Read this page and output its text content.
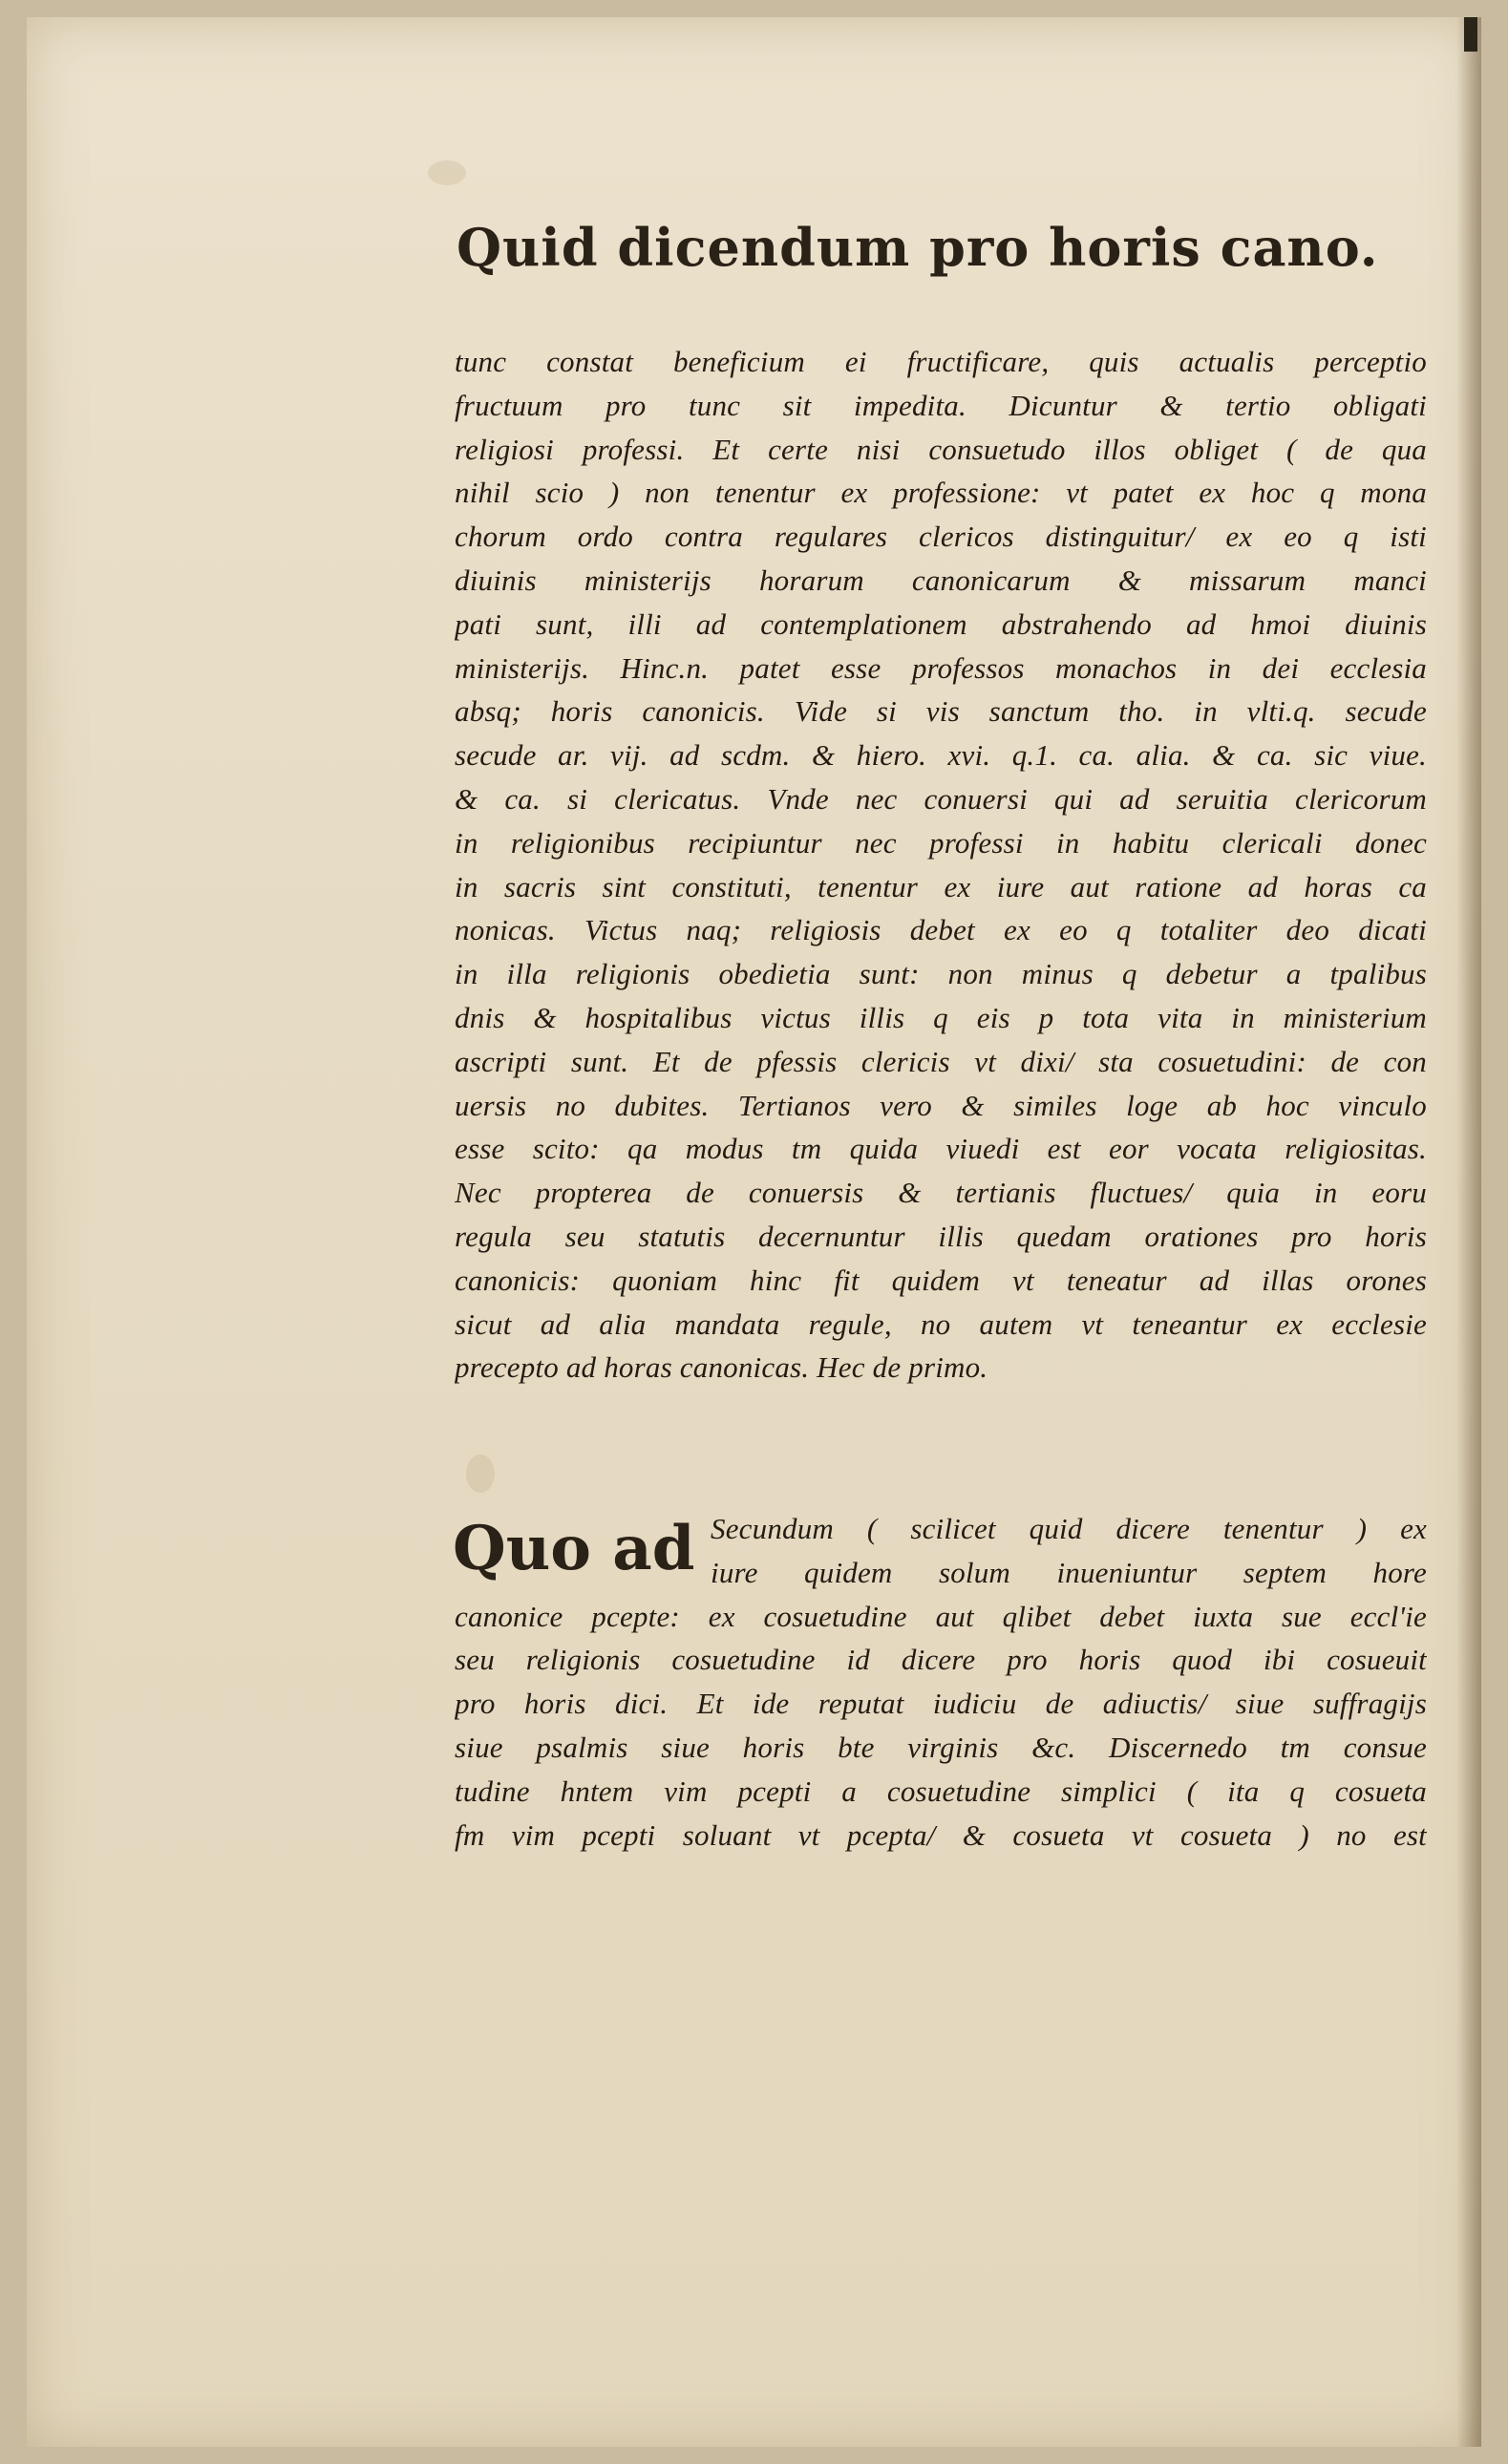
Quid dicendum pro horis cano.
tunc constat beneficium ei fructificare, quis actualis perceptio
fructuum pro tunc sit impedita. Dicuntur & tertio obligati
religiosi professi. Et certe nisi consuetudo illos obliget ( de qua
nihil scio ) non tenentur ex professione: vt patet ex hoc q mona
chorum ordo contra regulares clericos distinguitur/ ex eo q isti
diuinis ministerijs horarum canonicarum & missarum manci
pati sunt, illi ad contemplationem abstrahendo ad hmoi diuinis
ministerijs. Hinc.n. patet esse professos monachos in dei ecclesia
absq; horis canonicis. Vide si vis sanctum tho. in vlti.q. secude
secude ar. vij. ad scdm. & hiero. xvi. q.1. ca. alia. & ca. sic viue.
& ca. si clericatus. Vnde nec conuersi qui ad seruitia clericorum
in religionibus recipiuntur nec professi in habitu clericali donec
in sacris sint constituti, tenentur ex iure aut ratione ad horas ca
nonicas. Victus naq; religiosis debet ex eo q totaliter deo dicati
in illa religionis obedietia sunt: non minus q debetur a tpalibus
dnis & hospitalibus victus illis q eis p tota vita in ministerium
ascripti sunt. Et de pfessis clericis vt dixi/ sta cosuetudini: de con
uersis no dubites. Tertianos vero & similes loge ab hoc vinculo
esse scito: qa modus tm quida viuedi est eor vocata religiositas.
Nec propterea de conuersis & tertianis fluctues/ quia in eoru
regula seu statutis decernuntur illis quedam orationes pro horis
canonicis: quoniam hinc fit quidem vt teneatur ad illas orones
sicut ad alia mandata regule, no autem vt teneantur ex ecclesie
precepto ad horas canonicas. Hec de primo.
Quo ad Secundum ( scilicet quid dicere tenentur ) ex
iure quidem solum inueniuntur septem hore
canonice pcepte: ex cosuetudine aut qlibet debet iuxta sue eccl'ie
seu religionis cosuetudine id dicere pro horis quod ibi cosueuit
pro horis dici. Et ide reputat iudiciu de adiuctis/ siue suffragijs
siue psalmis siue horis bte virginis &c. Discernedo tm consue
tudine hntem vim pcepti a cosuetudine simplici ( ita q cosueta
fm vim pcepti soluant vt pcepta/ & cosueta vt cosueta ) no est
